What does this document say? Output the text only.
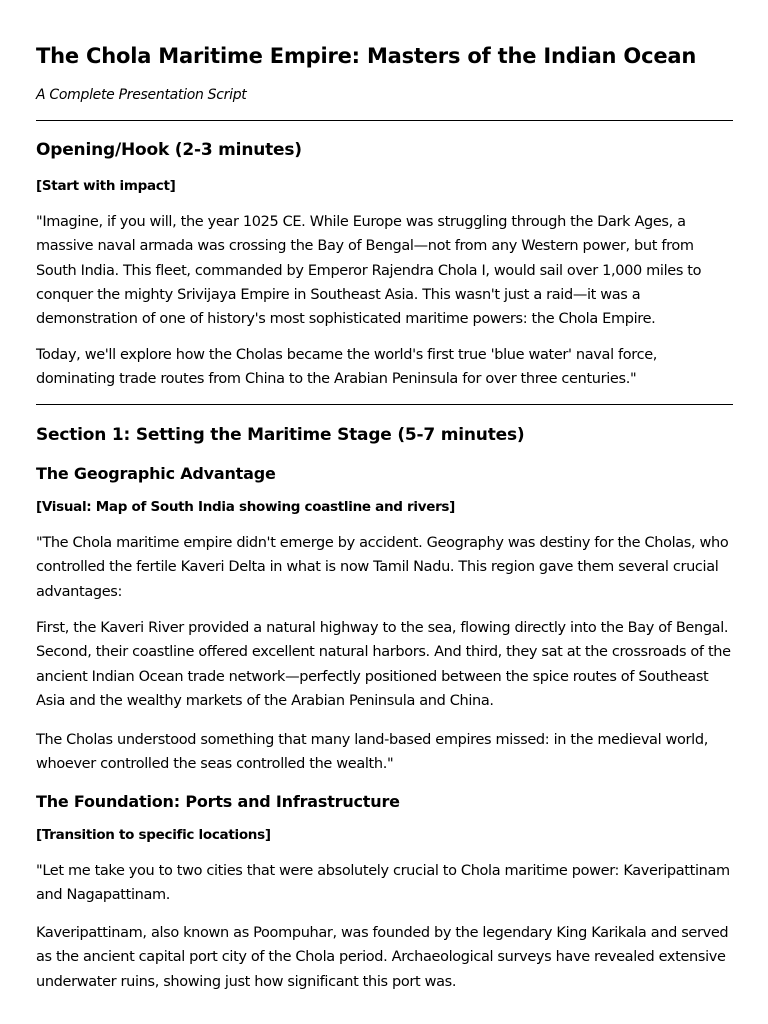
The Chola Maritime Empire: Masters of the Indian Ocean

A Complete Presentation Script

Opening/Hook (2-3 minutes)

[Start with impact]

"Imagine, if you will, the year 1025 CE. While Europe was struggling through the Dark Ages, a massive naval armada was crossing the Bay of Bengal—not from any Western power, but from South India. This fleet, commanded by Emperor Rajendra Chola I, would sail over 1,000 miles to conquer the mighty Srivijaya Empire in Southeast Asia. This wasn't just a raid—it was a demonstration of one of history's most sophisticated maritime powers: the Chola Empire.

Today, we'll explore how the Cholas became the world's first true 'blue water' naval force, dominating trade routes from China to the Arabian Peninsula for over three centuries."

Section 1: Setting the Maritime Stage (5-7 minutes)
The Geographic Advantage

[Visual: Map of South India showing coastline and rivers]

"The Chola maritime empire didn't emerge by accident. Geography was destiny for the Cholas, who controlled the fertile Kaveri Delta in what is now Tamil Nadu. This region gave them several crucial advantages:

First, the Kaveri River provided a natural highway to the sea, flowing directly into the Bay of Bengal. Second, their coastline offered excellent natural harbors. And third, they sat at the crossroads of the ancient Indian Ocean trade network—perfectly positioned between the spice routes of Southeast Asia and the wealthy markets of the Arabian Peninsula and China.

The Cholas understood something that many land-based empires missed: in the medieval world, whoever controlled the seas controlled the wealth."

The Foundation: Ports and Infrastructure

[Transition to specific locations]

"Let me take you to two cities that were absolutely crucial to Chola maritime power: Kaveripattinam and Nagapattinam.

Kaveripattinam, also known as Poompuhar, was founded by the legendary King Karikala and served as the ancient capital port city of the Chola period. Archaeological surveys have revealed extensive underwater ruins, showing just how significant this port was.
